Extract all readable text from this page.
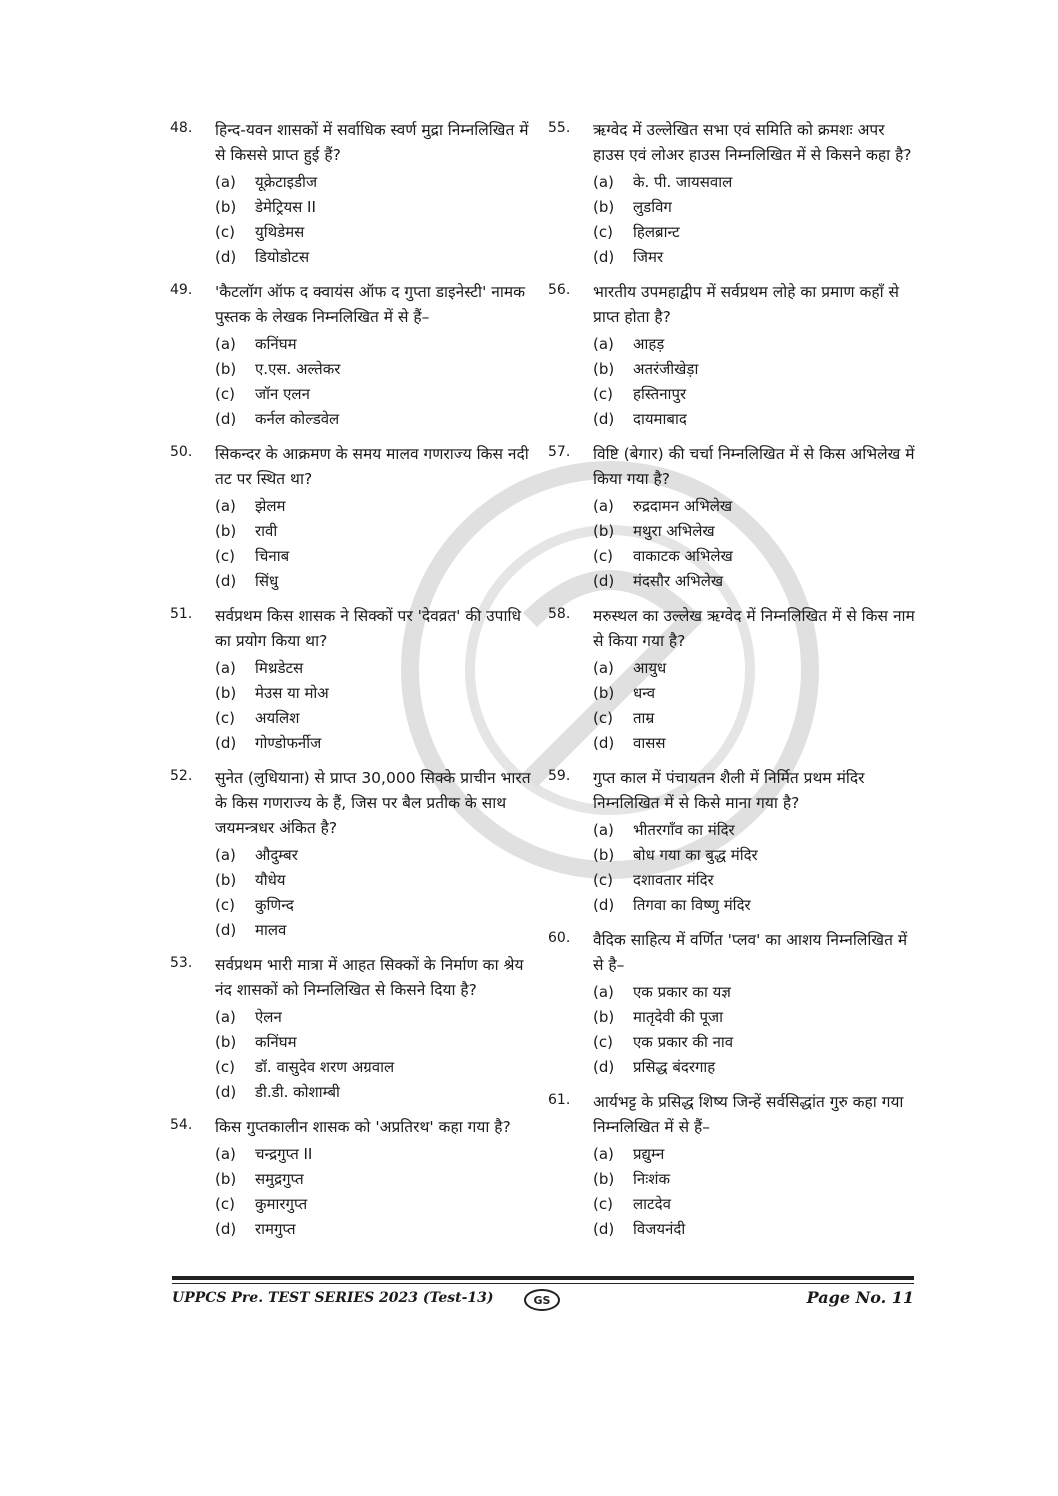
48. हिन्द-यवन शासकों में सर्वाधिक स्वर्ण मुद्रा निम्नलिखित में से किससे प्राप्त हुई हैं?
(a)	यूक्रेटाइडीज
(b)	डेमेट्रियस II
(c)	युथिडेमस
(d)	डियोडोटस
49. 'कैटलॉग ऑफ द क्वायंस ऑफ द गुप्ता डाइनेस्टी' नामक पुस्तक के लेखक निम्नलिखित में से हैं–
(a)	कनिंघम
(b)	ए.एस. अल्तेकर
(c)	जॉन एलन
(d)	कर्नल कोल्डवेल
50. सिकन्दर के आक्रमण के समय मालव गणराज्य किस नदी तट पर स्थित था?
(a)	झेलम
(b)	रावी
(c)	चिनाब
(d)	सिंधु
51. सर्वप्रथम किस शासक ने सिक्कों पर 'देवव्रत' की उपाधि का प्रयोग किया था?
(a)	मिथ्रडेटस
(b)	मेउस या मोअ
(c)	अयलिश
(d)	गोण्डोफर्नीज
52. सुनेत (लुधियाना) से प्राप्त 30,000 सिक्के प्राचीन भारत के किस गणराज्य के हैं, जिस पर बैल प्रतीक के साथ जयमन्त्रधर अंकित है?
(a)	औदुम्बर
(b)	यौधेय
(c)	कुणिन्द
(d)	मालव
53. सर्वप्रथम भारी मात्रा में आहत सिक्कों के निर्माण का श्रेय नंद शासकों को निम्नलिखित से किसने दिया है?
(a)	ऐलन
(b)	कनिंघम
(c)	डॉ. वासुदेव शरण अग्रवाल
(d)	डी.डी. कोशाम्बी
54. किस गुप्तकालीन शासक को 'अप्रतिरथ' कहा गया है?
(a)	चन्द्रगुप्त II
(b)	समुद्रगुप्त
(c)	कुमारगुप्त
(d)	रामगुप्त
55. ऋग्वेद में उल्लेखित सभा एवं समिति को क्रमशः अपर हाउस एवं लोअर हाउस निम्नलिखित में से किसने कहा है?
(a)	के. पी. जायसवाल
(b)	लुडविग
(c)	हिलब्रान्ट
(d)	जिमर
56. भारतीय उपमहाद्वीप में सर्वप्रथम लोहे का प्रमाण कहाँ से प्राप्त होता है?
(a)	आहड़
(b)	अतरंजीखेड़ा
(c)	हस्तिनापुर
(d)	दायमाबाद
57. विष्टि (बेगार) की चर्चा निम्नलिखित में से किस अभिलेख में किया गया है?
(a)	रुद्रदामन अभिलेख
(b)	मथुरा अभिलेख
(c)	वाकाटक अभिलेख
(d)	मंदसौर अभिलेख
58. मरुस्थल का उल्लेख ऋग्वेद में निम्नलिखित में से किस नाम से किया गया है?
(a)	आयुध
(b)	धन्व
(c)	ताम्र
(d)	वासस
59. गुप्त काल में पंचायतन शैली में निर्मित प्रथम मंदिर निम्नलिखित में से किसे माना गया है?
(a)	भीतरगाँव का मंदिर
(b)	बोध गया का बुद्ध मंदिर
(c)	दशावतार मंदिर
(d)	तिगवा का विष्णु मंदिर
60. वैदिक साहित्य में वर्णित 'प्लव' का आशय निम्नलिखित में से है–
(a)	एक प्रकार का यज्ञ
(b)	मातृदेवी की पूजा
(c)	एक प्रकार की नाव
(d)	प्रसिद्ध बंदरगाह
61. आर्यभट्ट के प्रसिद्ध शिष्य जिन्हें सर्वसिद्धांत गुरु कहा गया निम्नलिखित में से हैं–
(a)	प्रद्युम्न
(b)	निःशंक
(c)	लाटदेव
(d)	विजयनंदी
UPPCS Pre. TEST SERIES 2023 (Test-13)	GS	Page No. 11
